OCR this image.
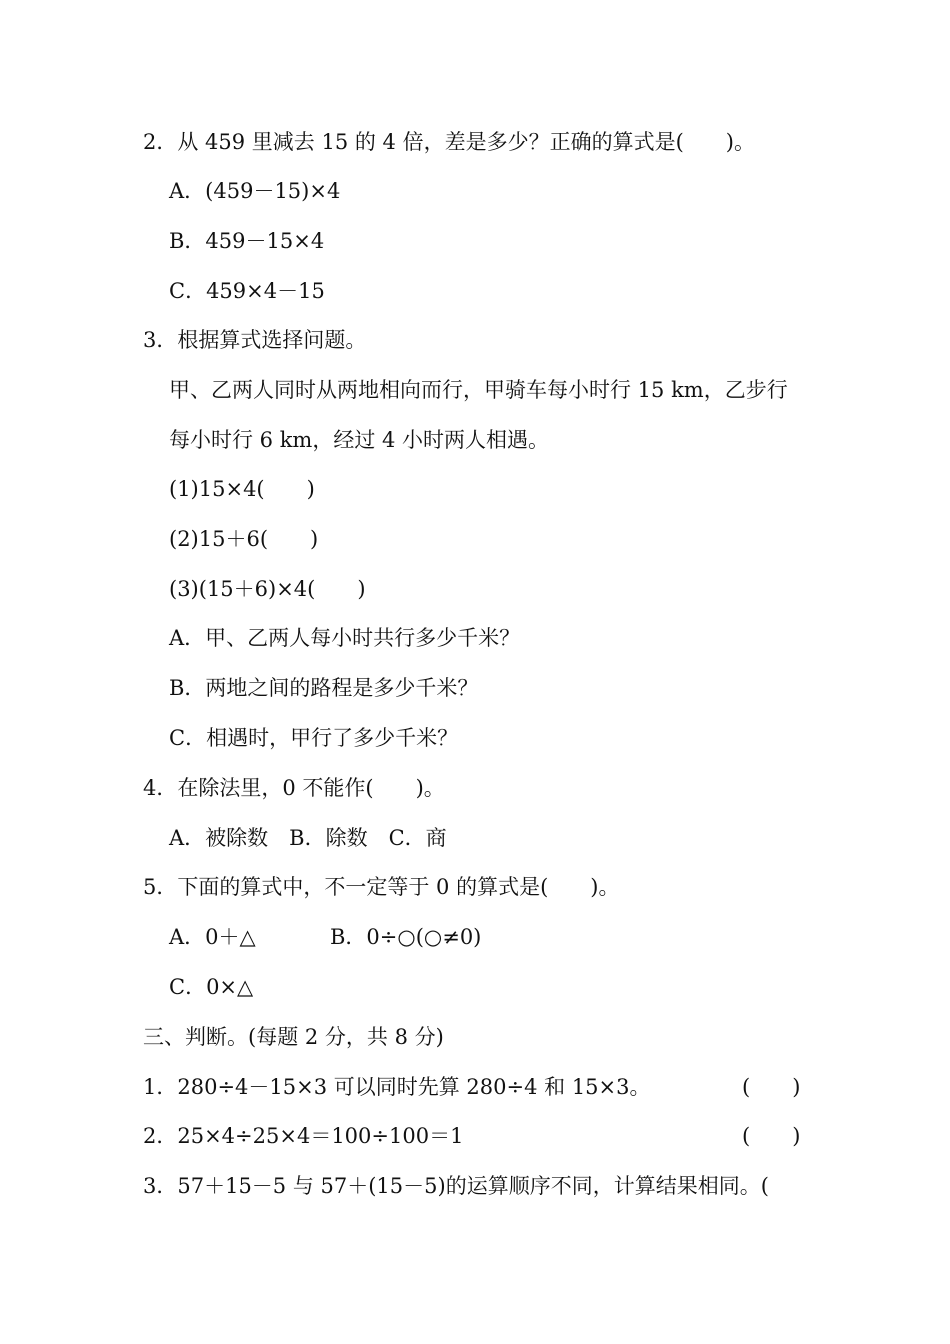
2．从 459 里减去 15 的 4 倍，差是多少？正确的算式是(　　)。
A．(459－15)×4
B．459－15×4
C．459×4－15
3．根据算式选择问题。
甲、乙两人同时从两地相向而行，甲骑车每小时行 15 km，乙步行
每小时行 6 km，经过 4 小时两人相遇。
(1)15×4(　　)
(2)15＋6(　　)
(3)(15＋6)×4(　　)
A．甲、乙两人每小时共行多少千米？
B．两地之间的路程是多少千米？
C．相遇时，甲行了多少千米？
4．在除法里，0 不能作(　　)。
A．被除数　B．除数　C．商
5．下面的算式中，不一定等于 0 的算式是(　　)。
A．0＋△	B．0÷○(○≠0)
C．0×△
三、判断。(每题 2 分，共 8 分)
1．280÷4－15×3 可以同时先算 280÷4 和 15×3。	(　　)
2．25×4÷25×4＝100÷100＝1	(　　)
3．57＋15－5 与 57＋(15－5)的运算顺序不同，计算结果相同。(
